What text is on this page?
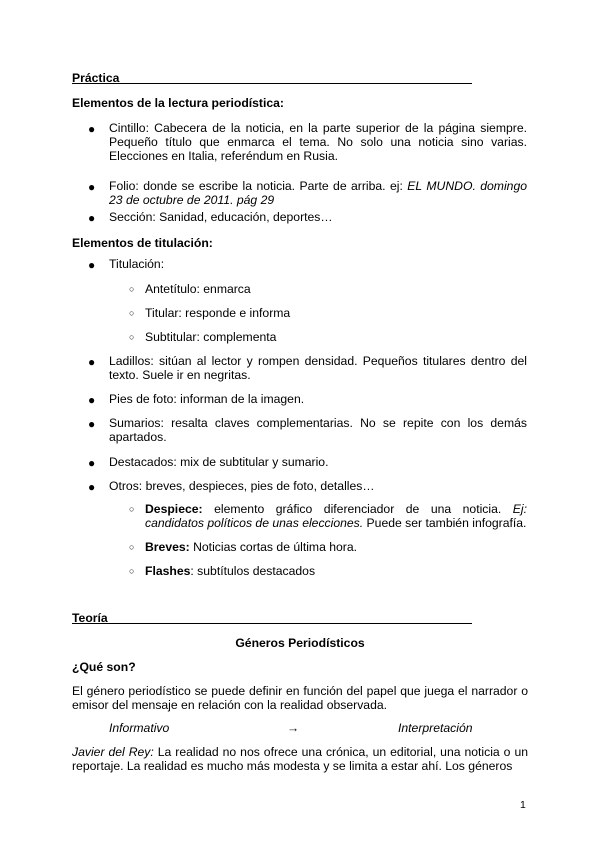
Práctica
Elementos de la lectura periodística:
● Cintillo: Cabecera de la noticia, en la parte superior de la página siempre. Pequeño título que enmarca el tema. No solo una noticia sino varias. Elecciones en Italia, referéndum en Rusia.
● Folio: donde se escribe la noticia. Parte de arriba. ej: EL MUNDO. domingo 23 de octubre de 2011. pág 29
● Sección: Sanidad, educación, deportes…
Elementos de titulación:
● Titulación:
○ Antetítulo: enmarca
○ Titular: responde e informa
○ Subtitular: complementa
● Ladillos: sitúan al lector y rompen densidad. Pequeños titulares dentro del texto. Suele ir en negritas.
● Pies de foto: informan de la imagen.
● Sumarios: resalta claves complementarias. No se repite con los demás apartados.
● Destacados: mix de subtitular y sumario.
● Otros: breves, despieces, pies de foto, detalles…
○ Despiece: elemento gráfico diferenciador de una noticia. Ej: candidatos políticos de unas elecciones. Puede ser también infografía.
○ Breves: Noticias cortas de última hora.
○ Flashes: subtítulos destacados
Teoría
Géneros Periodísticos
¿Qué son?
El género periodístico se puede definir en función del papel que juega el narrador o emisor del mensaje en relación con la realidad observada.
Informativo	→	Interpretación
Javier del Rey: La realidad no nos ofrece una crónica, un editorial, una noticia o un reportaje. La realidad es mucho más modesta y se limita a estar ahí. Los géneros
1
